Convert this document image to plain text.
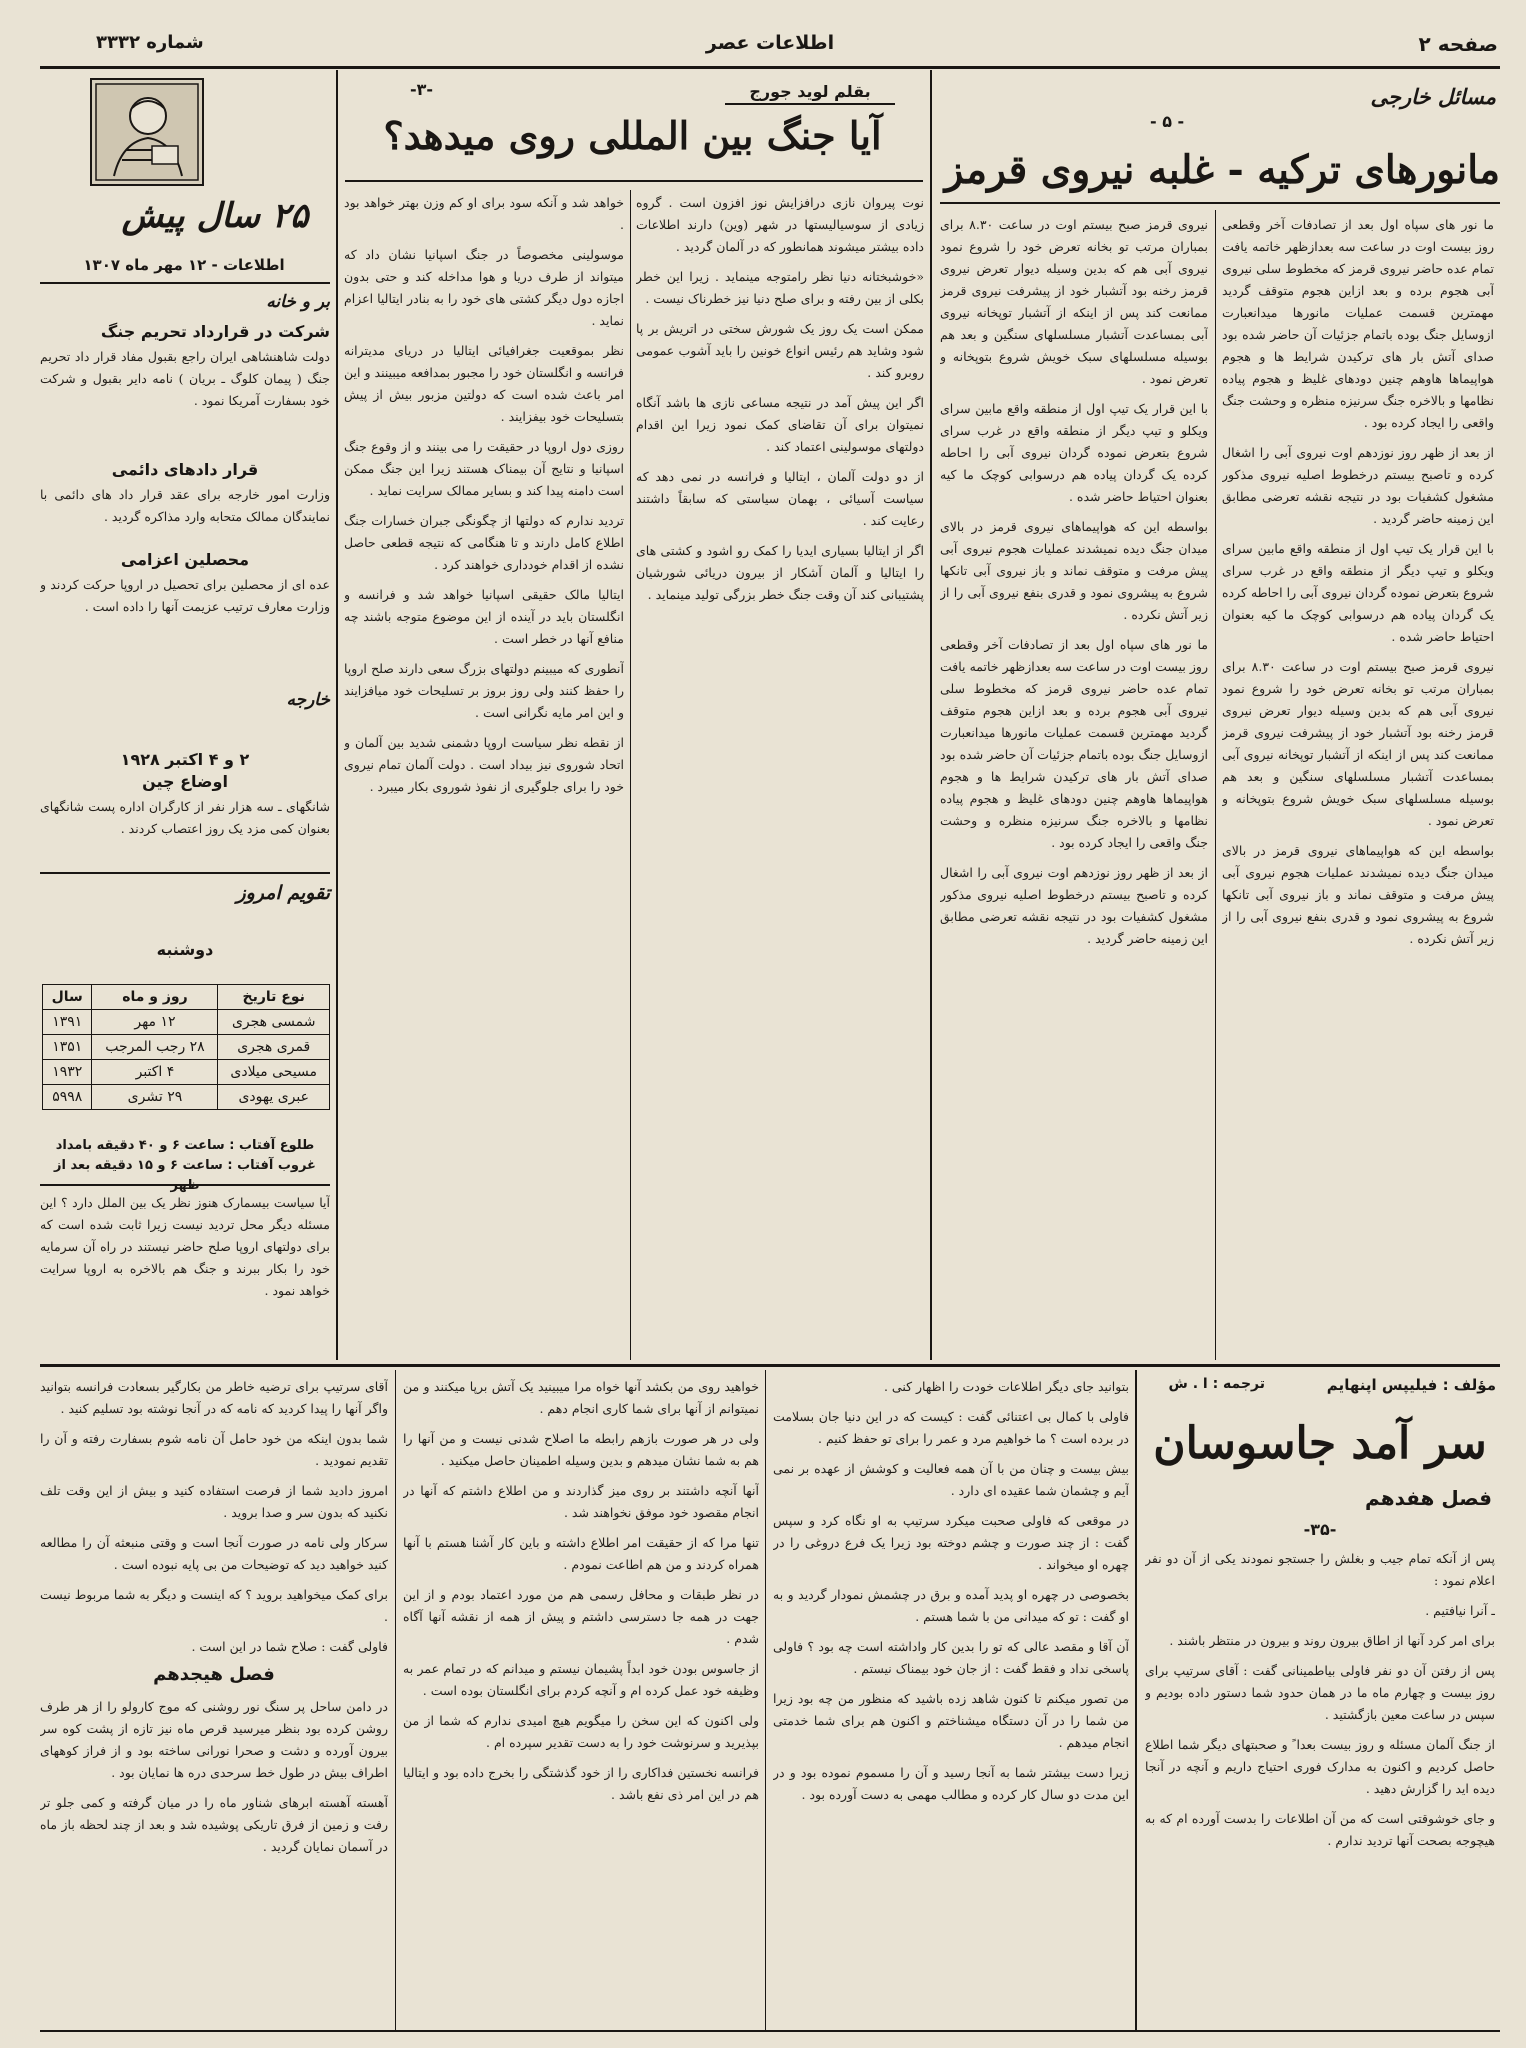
صفحه ۲
اطلاعات عصر
شماره ۳۳۳۲
مسائل خارجی
- ۵ -
مانورهای ترکیه - غلبه نیروی قرمز

ما نور های سپاه اول بعد از تصادفات آخر وقطعی روز بیست اوت در ساعت سه بعدازظهر خاتمه یافت تمام عده حاضر نیروی قرمز که مخطوط سلی نیروی آبی هجوم برده و بعد ازاین هجوم متوقف گردید مهمترین قسمت عملیات مانورها میدانعبارت ازوسایل جنگ بوده باتمام جزئیات آن حاضر شده بود صدای آتش بار های ترکیدن شرایط ها و هجوم هواپیماها هاوهم چنین دودهای غلیظ و هجوم پیاده نظامها و بالاخره جنگ سرنیزه منظره و وحشت جنگ واقعی را ایجاد کرده بود .

از بعد از ظهر روز نوزدهم اوت نیروی آبی را اشغال کرده و تاصبح بیستم درخطوط اصلیه نیروی مذکور مشغول کشفیات بود در نتیجه نقشه تعرضی مطابق این زمینه حاضر گردید .

با این قرار یک تیپ اول از منطقه واقع مابین سرای ویکلو و تیپ دیگر از منطقه واقع در غرب سرای شروع بتعرض نموده گردان نیروی آبی را احاطه کرده یک گردان پیاده هم درسوابی کوچک ما کیه بعنوان احتیاط حاضر شده .

نیروی قرمز صبح بیستم اوت در ساعت ۸.۳۰ برای بمباران مرتب تو بخانه تعرض خود را شروع نمود نیروی آبی هم که بدین وسیله دیوار تعرض نیروی قرمز رخنه بود آتشبار خود از پیشرفت نیروی قرمز ممانعت کند پس از اینکه از آتشبار توپخانه نیروی آبی بمساعدت آتشبار مسلسلهای سنگین و بعد هم بوسیله مسلسلهای سبک خویش شروع بتوپخانه و تعرض نمود .

بواسطه این که هواپیماهای نیروی قرمز در بالای میدان جنگ دیده نمیشدند عملیات هجوم نیروی آبی پیش مرفت و متوقف نماند و باز نیروی آبی تانکها شروع به پیشروی نمود و قدری بنفع نیروی آبی را از زیر آتش نکرده .

نیروی قرمز صبح بیستم اوت در ساعت ۸.۳۰ برای بمباران مرتب تو بخانه تعرض خود را شروع نمود نیروی آبی هم که بدین وسیله دیوار تعرض نیروی قرمز رخنه بود آتشبار خود از پیشرفت نیروی قرمز ممانعت کند پس از اینکه از آتشبار توپخانه نیروی آبی بمساعدت آتشبار مسلسلهای سنگین و بعد هم بوسیله مسلسلهای سبک خویش شروع بتوپخانه و تعرض نمود .

با این قرار یک تیپ اول از منطقه واقع مابین سرای ویکلو و تیپ دیگر از منطقه واقع در غرب سرای شروع بتعرض نموده گردان نیروی آبی را احاطه کرده یک گردان پیاده هم درسوابی کوچک ما کیه بعنوان احتیاط حاضر شده .

بواسطه این که هواپیماهای نیروی قرمز در بالای میدان جنگ دیده نمیشدند عملیات هجوم نیروی آبی پیش مرفت و متوقف نماند و باز نیروی آبی تانکها شروع به پیشروی نمود و قدری بنفع نیروی آبی را از زیر آتش نکرده .

ما نور های سپاه اول بعد از تصادفات آخر وقطعی روز بیست اوت در ساعت سه بعدازظهر خاتمه یافت تمام عده حاضر نیروی قرمز که مخطوط سلی نیروی آبی هجوم برده و بعد ازاین هجوم متوقف گردید مهمترین قسمت عملیات مانورها میدانعبارت ازوسایل جنگ بوده باتمام جزئیات آن حاضر شده بود صدای آتش بار های ترکیدن شرایط ها و هجوم هواپیماها هاوهم چنین دودهای غلیظ و هجوم پیاده نظامها و بالاخره جنگ سرنیزه منظره و وحشت جنگ واقعی را ایجاد کرده بود .

از بعد از ظهر روز نوزدهم اوت نیروی آبی را اشغال کرده و تاصبح بیستم درخطوط اصلیه نیروی مذکور مشغول کشفیات بود در نتیجه نقشه تعرضی مطابق این زمینه حاضر گردید .

بقلم لوید جورج
-۳-
آیا جنگ بین المللی روی میدهد؟

نوت پیروان نازی درافزایش نوز افزون است . گروه زیادی از سوسیالیستها در شهر (وین) دارند اطلاعات داده بیشتر میشوند همانطور که در آلمان گردید .

«خوشبختانه دنیا نظر رامتوجه مینماید . زیرا این خطر بکلی از بین رفته و برای صلح دنیا نیز خطرناک نیست .

ممکن است یک روز یک شورش سختی در اتریش بر پا شود وشاید هم رئیس انواع خونین را باید آشوب عمومی روبرو کند .

اگر این پیش آمد در نتیجه مساعی نازی ها باشد آنگاه نمیتوان برای آن تقاضای کمک نمود زیرا این اقدام دولتهای موسولینی اعتماد کند .

از دو دولت آلمان ، ایتالیا و فرانسه در نمی دهد که سیاست آسیائی ، بهمان سیاستی که سابقاً داشتند رعایت کند .

اگر از ایتالیا بسیاری ایدیا را کمک رو اشود و کشتی های را ایتالیا و آلمان آشکار از بیرون دریائی شورشیان پشتیبانی کند آن وقت جنگ خطر بزرگی تولید مینماید .

خواهد شد و آنکه سود برای او کم وزن بهتر خواهد بود .

موسولینی مخصوصاً در جنگ اسپانیا نشان داد که میتواند از طرف دریا و هوا مداخله کند و حتی بدون اجازه دول دیگر کشتی های خود را به بنادر ایتالیا اعزام نماید .

نظر بموقعیت جغرافیائی ایتالیا در دریای مدیترانه فرانسه و انگلستان خود را مجبور بمدافعه میبینند و این امر باعث شده است که دولتین مزبور بیش از پیش بتسلیحات خود بیفزایند .

روزی دول اروپا در حقیقت را می بینند و از وقوع جنگ اسپانیا و نتایج آن بیمناک هستند زیرا این جنگ ممکن است دامنه پیدا کند و بسایر ممالک سرایت نماید .

تردید ندارم که دولتها از چگونگی جبران خسارات جنگ اطلاع کامل دارند و تا هنگامی که نتیجه قطعی حاصل نشده از اقدام خودداری خواهند کرد .

ایتالیا مالک حقیقی اسپانیا خواهد شد و فرانسه و انگلستان باید در آینده از این موضوع متوجه باشند چه منافع آنها در خطر است .

آنطوری که میبینم دولتهای بزرگ سعی دارند صلح اروپا را حفظ کنند ولی روز بروز بر تسلیحات خود میافزایند و این امر مایه نگرانی است .

از نقطه نظر سیاست اروپا دشمنی شدید بین آلمان و اتحاد شوروی نیز بیداد است . دولت آلمان تمام نیروی خود را برای جلوگیری از نفوذ شوروی بکار میبرد .

۲۵ سال پیش
اطلاعات - ۱۲ مهر ماه ۱۳۰۷
بر و خانه
شرکت در قرارداد تحریم جنگ
دولت شاهنشاهی ایران راجع بقبول مفاد قرار داد تحریم جنگ ( پیمان کلوگ ـ بریان ) نامه دایر بقبول و شرکت خود بسفارت آمریکا نمود .
قرار دادهای دائمی
وزارت امور خارجه برای عقد قرار داد های دائمی با نمایندگان ممالک متحابه وارد مذاکره گردید .
محصلین اعزامی
عده ای از محصلین برای تحصیل در اروپا حرکت کردند و وزارت معارف ترتیب عزیمت آنها را داده است .
خارجه
۲ و ۴ اکتبر ۱۹۲۸
اوضاع چین
شانگهای ـ سه هزار نفر از کارگران اداره پست شانگهای بعنوان کمی مزد یک روز اعتصاب کردند .
تقویم امروز
دوشنبه
نوع تاریخ	روز و ماه	سال
شمسی هجری	۱۲ مهر	۱۳۹۱
قمری هجری	۲۸ رجب المرجب	۱۳۵۱
مسیحی میلادی	۴ اکتبر	۱۹۳۲
عبری یهودی	۲۹ تشری	۵۹۹۸
طلوع آفتاب : ساعت ۶ و ۴۰ دقیقه بامداد غروب آفتاب : ساعت ۶ و ۱۵ دقیقه بعد از
آیا سیاست بیسمارک هنوز نظر یک بین الملل دارد ؟ این مسئله دیگر محل تردید نیست زیرا ثابت شده است که برای دولتهای اروپا صلح حاضر نیستند در راه آن سرمایه خود را بکار ببرند و جنگ هم بالاخره به اروپا سرایت خواهد نمود .
مؤلف : فیلیپس اپنهایم
ترجمه : ا . ش
سر آمد جاسوسان
فصل هفدهم
-۳۵-

پس از آنکه تمام جیب و بغلش را جستجو نمودند یکی از آن دو نفر اعلام نمود :

ـ آنرا نیافتیم .

برای امر کرد آنها از اطاق بیرون روند و بیرون در منتظر باشند .

پس از رفتن آن دو نفر فاولی بیاطمینانی گفت : آقای سرتیپ برای روز بیست و چهارم ماه ما در همان حدود شما دستور داده بودیم و سپس در ساعت معین بازگشتید .

از جنگ آلمان مسئله و روز بیست بعدا ً و صحبتهای دیگر شما اطلاع حاصل کردیم و اکنون به مدارک فوری احتیاج داریم و آنچه در آنجا دیده اید را گزارش دهید .

و جای خوشوقتی است که من آن اطلاعات را بدست آورده ام که به هیچوجه بصحت آنها تردید ندارم .

بتوانید جای دیگر اطلاعات خودت را اظهار کنی .

فاولی با کمال بی اعتنائی گفت : کیست که در این دنیا جان بسلامت در برده است ؟ ما خواهیم مرد و عمر را برای تو حفظ کنیم .

بیش بیست و چنان من با آن همه فعالیت و کوشش از عهده بر نمی آیم و چشمان شما عقیده ای دارد .

در موقعی که فاولی صحبت میکرد سرتیپ به او نگاه کرد و سپس گفت : از چند صورت و چشم دوخته بود زیرا یک فرع دروغی را در چهره او میخواند .

بخصوصی در چهره او پدید آمده و برق در چشمش نمودار گردید و به او گفت : تو که میدانی من با شما هستم .

آن آقا و مقصد عالی که تو را بدین کار واداشته است چه بود ؟ فاولی پاسخی نداد و فقط گفت : از جان خود بیمناک نیستم .

من تصور میکنم تا کنون شاهد زده باشید که منظور من چه بود زیرا من شما را در آن دستگاه میشناختم و اکنون هم برای شما خدمتی انجام میدهم .

زیرا دست بیشتر شما به آنجا رسید و آن را مسموم نموده بود و در این مدت دو سال کار کرده و مطالب مهمی به دست آورده بود .

خواهید روی من بکشد آنها خواه مرا میبینید یک آتش برپا میکنند و من نمیتوانم از آنها برای شما کاری انجام دهم .

ولی در هر صورت بازهم رابطه ما اصلاح شدنی نیست و من آنها را هم به شما نشان میدهم و بدین وسیله اطمینان حاصل میکنید .

آنها آنچه داشتند بر روی میز گذاردند و من اطلاع داشتم که آنها در انجام مقصود خود موفق نخواهند شد .

تنها مرا که از حقیقت امر اطلاع داشته و باین کار آشنا هستم با آنها همراه کردند و من هم اطاعت نمودم .

در نظر طبقات و محافل رسمی هم من مورد اعتماد بودم و از این جهت در همه جا دسترسی داشتم و پیش از همه از نقشه آنها آگاه شدم .

از جاسوس بودن خود ابداً پشیمان نیستم و میدانم که در تمام عمر به وظیفه خود عمل کرده ام و آنچه کردم برای انگلستان بوده است .

ولی اکنون که این سخن را میگویم هیچ امیدی ندارم که شما از من بپذیرید و سرنوشت خود را به دست تقدیر سپرده ام .

فرانسه نخستین فداکاری را از خود گذشتگی را بخرج داده بود و ایتالیا هم در این امر ذی نفع باشد .

آقای سرتیپ برای ترضیه خاطر من بکارگیر بسعادت فرانسه بتوانید واگر آنها را پیدا کردید که نامه که در آنجا نوشته بود تسلیم کنید .

شما بدون اینکه من خود حامل آن نامه شوم بسفارت رفته و آن را تقدیم نمودید .

امروز دادید شما از فرصت استفاده کنید و بیش از این وقت تلف نکنید که بدون سر و صدا بروید .

سرکار ولی نامه در صورت آنجا است و وقتی منبعثه آن را مطالعه کنید خواهید دید که توضیحات من بی پایه نبوده است .

برای کمک میخواهید بروید ؟ که اینست و دیگر به شما مربوط نیست .

فاولی گفت : صلاح شما در این است .

فصل هیجدهم

در دامن ساحل پر سنگ نور روشنی که موج کارولو را از هر طرف روشن کرده بود بنظر میرسید قرص ماه نیز تازه از پشت کوه سر بیرون آورده و دشت و صحرا نورانی ساخته بود و از فراز کوههای اطراف بیش در طول خط سرحدی دره ها نمایان بود .

آهسته آهسته ابرهای شناور ماه را در میان گرفته و کمی جلو تر رفت و زمین از فرق تاریکی پوشیده شد و بعد از چند لحظه باز ماه در آسمان نمایان گردید .
